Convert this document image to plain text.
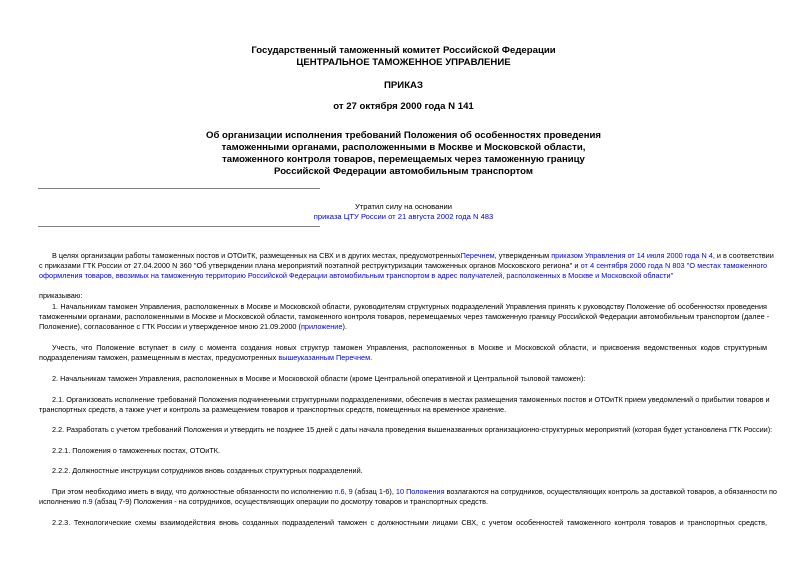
Государственный таможенный комитет Российской Федерации
ЦЕНТРАЛЬНОЕ ТАМОЖЕННОЕ УПРАВЛЕНИЕ
ПРИКАЗ
от 27 октября 2000 года N 141
Об организации исполнения требований Положения об особенностях проведения
таможенными органами, расположенными в Москве и Московской области,
таможенного контроля товаров, перемещаемых через таможенную границу
Российской Федерации автомобильным транспортом
Утратил силу на основании
приказа ЦТУ России от 21 августа 2002 года N 483

В целях организации работы таможенных постов и ОТОиТК, размещенных на СВХ и в других местах, предусмотренныхПеречнем, утвержденным приказом Управления от 14 июля 2000 года N 4, и в соответствии
с приказами ГТК России от 27.04.2000 N 360 "Об утверждении плана мероприятий поэтапной реструктуризации таможенных органов Московского региона" и от 4 сентября 2000 года N 803 "О местах таможенного
оформления товаров, ввозимых на таможенную территорию Российской Федерации автомобильным транспортом в адрес получателей, расположенных в Москве и Московской области"

приказываю:

1. Начальникам таможен Управления, расположенных в Москве и Московской области, руководителям структурных подразделений Управления принять к руководству Положение об особенностях проведения
таможенными органами, расположенными в Москве и Московской области, таможенного контроля товаров, перемещаемых через таможенную границу Российской Федерации автомобильным транспортом (далее -
Положение), согласованное с ГТК России и утвержденное мною 21.09.2000 (приложение).

Учесть, что Положение вступает в силу с момента создания новых структур таможен Управления, расположенных в Москве и Московской области, и присвоения ведомственных кодов структурным
подразделениям таможен, размещенным в местах, предусмотренных вышеуказанным Перечнем.

2. Начальникам таможен Управления, расположенных в Москве и Московской области (кроме Центральной оперативной и Центральной тыловой таможен):

2.1. Организовать исполнение требований Положения подчиненными структурными подразделениями, обеспечив в местах размещения таможенных постов и ОТОиТК прием уведомлений о прибытии товаров и
транспортных средств, а также учет и контроль за размещением товаров и транспортных средств, помещенных на временное хранение.

2.2. Разработать с учетом требований Положения и утвердить не позднее 15 дней с даты начала проведения вышеназванных организационно-структурных мероприятий (которая будет установлена ГТК России):

2.2.1. Положения о таможенных постах, ОТОиТК.

2.2.2. Должностные инструкции сотрудников вновь созданных структурных подразделений.

При этом необходимо иметь в виду, что должностные обязанности по исполнению п.6, 9 (абзац 1-6), 10 Положения возлагаются на сотрудников, осуществляющих контроль за доставкой товаров, а обязанности по
исполнению п.9 (абзац 7-9) Положения - на сотрудников, осуществляющих операции по досмотру товаров и транспортных средств.

2.2.3. Технологические схемы взаимодействия вновь созданных подразделений таможен с должностными лицами СВХ, с учетом особенностей таможенного контроля товаров и транспортных средств,
